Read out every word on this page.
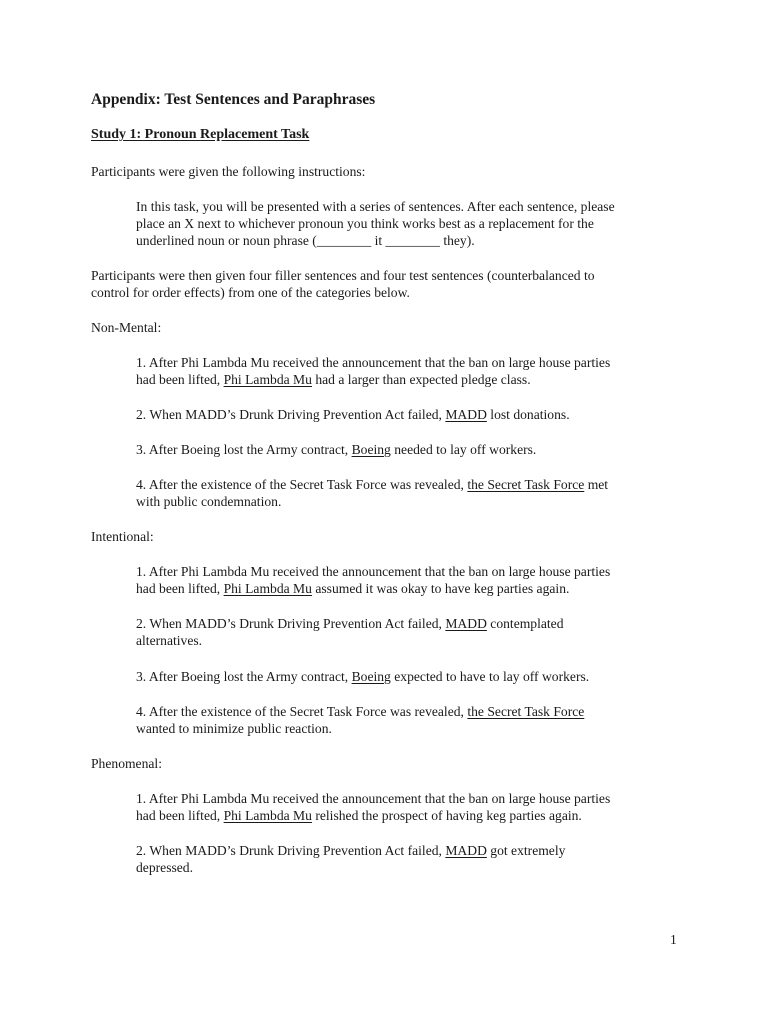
Appendix: Test Sentences and Paraphrases
Study 1: Pronoun Replacement Task

Participants were given the following instructions:

In this task, you will be presented with a series of sentences. After each sentence, please

place an X next to whichever pronoun you think works best as a replacement for the

underlined noun or noun phrase (________ it ________ they).

Participants were then given four filler sentences and four test sentences (counterbalanced to

control for order effects) from one of the categories below.

Non-Mental:

1. After Phi Lambda Mu received the announcement that the ban on large house parties

had been lifted, Phi Lambda Mu had a larger than expected pledge class.

2. When MADD’s Drunk Driving Prevention Act failed, MADD lost donations.

3. After Boeing lost the Army contract, Boeing needed to lay off workers.

4. After the existence of the Secret Task Force was revealed, the Secret Task Force met

with public condemnation.

Intentional:

1. After Phi Lambda Mu received the announcement that the ban on large house parties

had been lifted, Phi Lambda Mu assumed it was okay to have keg parties again.

2. When MADD’s Drunk Driving Prevention Act failed, MADD contemplated

alternatives.

3. After Boeing lost the Army contract, Boeing expected to have to lay off workers.

4. After the existence of the Secret Task Force was revealed, the Secret Task Force

wanted to minimize public reaction.

Phenomenal:

1. After Phi Lambda Mu received the announcement that the ban on large house parties

had been lifted, Phi Lambda Mu relished the prospect of having keg parties again.

2. When MADD’s Drunk Driving Prevention Act failed, MADD got extremely

depressed.

1
